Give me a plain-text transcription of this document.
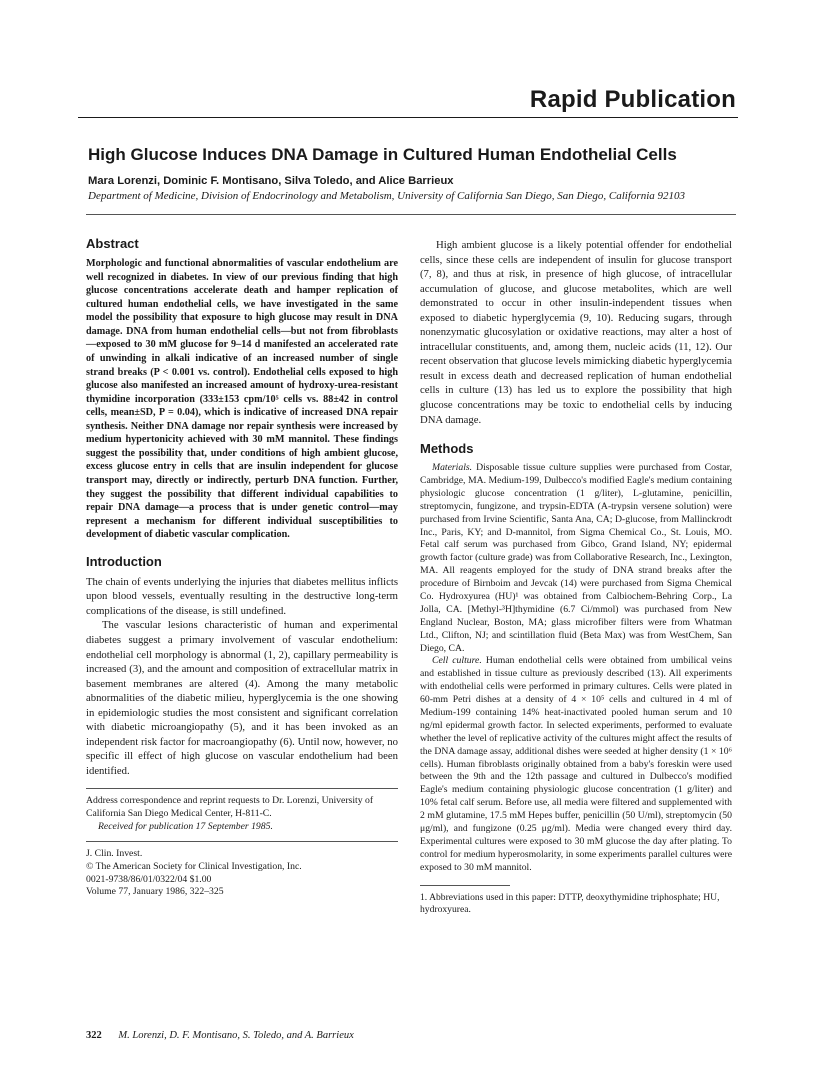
Rapid Publication
High Glucose Induces DNA Damage in Cultured Human Endothelial Cells
Mara Lorenzi, Dominic F. Montisano, Silva Toledo, and Alice Barrieux
Department of Medicine, Division of Endocrinology and Metabolism, University of California San Diego, San Diego, California 92103
Abstract

Morphologic and functional abnormalities of vascular endothelium are well recognized in diabetes. In view of our previous finding that high glucose concentrations accelerate death and hamper replication of cultured human endothelial cells, we have investigated in the same model the possibility that exposure to high glucose may result in DNA damage. DNA from human endothelial cells—but not from fibroblasts—exposed to 30 mM glucose for 9–14 d manifested an accelerated rate of unwinding in alkali indicative of an increased number of single strand breaks (P < 0.001 vs. control). Endothelial cells exposed to high glucose also manifested an increased amount of hydroxy-urea-resistant thymidine incorporation (333±153 cpm/10⁵ cells vs. 88±42 in control cells, mean±SD, P = 0.04), which is indicative of increased DNA repair synthesis. Neither DNA damage nor repair synthesis were increased by medium hypertonicity achieved with 30 mM mannitol. These findings suggest the possibility that, under conditions of high ambient glucose, excess glucose entry in cells that are insulin independent for glucose transport may, directly or indirectly, perturb DNA function. Further, they suggest the possibility that different individual capabilities to repair DNA damage—a process that is under genetic control—may represent a mechanism for different individual susceptibilities to development of diabetic vascular complication.

Introduction

The chain of events underlying the injuries that diabetes mellitus inflicts upon blood vessels, eventually resulting in the destructive long-term complications of the disease, is still undefined.

The vascular lesions characteristic of human and experimental diabetes suggest a primary involvement of vascular endothelium: endothelial cell morphology is abnormal (1, 2), capillary permeability is increased (3), and the amount and composition of extracellular matrix in basement membranes are altered (4). Among the many metabolic abnormalities of the diabetic milieu, hyperglycemia is the one showing in epidemiologic studies the most consistent and significant correlation with diabetic microangiopathy (5), and it has been invoked as an independent risk factor for macroangiopathy (6). Until now, however, no specific ill effect of high glucose on vascular endothelium had been identified.

Address correspondence and reprint requests to Dr. Lorenzi, University of California San Diego Medical Center, H-811-C.

Received for publication 17 September 1985.

J. Clin. Invest.

© The American Society for Clinical Investigation, Inc.

0021-9738/86/01/0322/04 $1.00

Volume 77, January 1986, 322–325

High ambient glucose is a likely potential offender for endothelial cells, since these cells are independent of insulin for glucose transport (7, 8), and thus at risk, in presence of high glucose, of intracellular accumulation of glucose, and glucose metabolites, which are well demonstrated to occur in other insulin-independent tissues when exposed to diabetic hyperglycemia (9, 10). Reducing sugars, through nonenzymatic glucosylation or oxidative reactions, may alter a host of intracellular constituents, and, among them, nucleic acids (11, 12). Our recent observation that glucose levels mimicking diabetic hyperglycemia result in excess death and decreased replication of human endothelial cells in culture (13) has led us to explore the possibility that high glucose concentrations may be toxic to endothelial cells by inducing DNA damage.

Methods

Materials. Disposable tissue culture supplies were purchased from Costar, Cambridge, MA. Medium-199, Dulbecco's modified Eagle's medium containing physiologic glucose concentration (1 g/liter), L-glutamine, penicillin, streptomycin, fungizone, and trypsin-EDTA (A-trypsin versene solution) were purchased from Irvine Scientific, Santa Ana, CA; D-glucose, from Mallinckrodt Inc., Paris, KY; and D-mannitol, from Sigma Chemical Co., St. Louis, MO. Fetal calf serum was purchased from Gibco, Grand Island, NY; epidermal growth factor (culture grade) was from Collaborative Research, Inc., Lexington, MA. All reagents employed for the study of DNA strand breaks after the procedure of Birnboim and Jevcak (14) were purchased from Sigma Chemical Co. Hydroxyurea (HU)¹ was obtained from Calbiochem-Behring Corp., La Jolla, CA. [Methyl-³H]thymidine (6.7 Ci/mmol) was purchased from New England Nuclear, Boston, MA; glass microfiber filters were from Whatman Ltd., Clifton, NJ; and scintillation fluid (Beta Max) was from WestChem, San Diego, CA.

Cell culture. Human endothelial cells were obtained from umbilical veins and established in tissue culture as previously described (13). All experiments with endothelial cells were performed in primary cultures. Cells were plated in 60-mm Petri dishes at a density of 4 × 10⁵ cells and cultured in 4 ml of Medium-199 containing 14% heat-inactivated pooled human serum and 10 ng/ml epidermal growth factor. In selected experiments, performed to evaluate whether the level of replicative activity of the cultures might affect the results of the DNA damage assay, additional dishes were seeded at higher density (1 × 10⁶ cells). Human fibroblasts originally obtained from a baby's foreskin were used between the 9th and the 12th passage and cultured in Dulbecco's modified Eagle's medium containing physiologic glucose concentration (1 g/liter) and 10% fetal calf serum. Before use, all media were filtered and supplemented with 2 mM glutamine, 17.5 mM Hepes buffer, penicillin (50 U/ml), streptomycin (50 μg/ml), and fungizone (0.25 μg/ml). Media were changed every third day. Experimental cultures were exposed to 30 mM glucose the day after plating. To control for medium hyperosmolarity, in some experiments parallel cultures were exposed to 30 mM mannitol.

1. Abbreviations used in this paper: DTTP, deoxythymidine triphosphate; HU, hydroxyurea.

322 M. Lorenzi, D. F. Montisano, S. Toledo, and A. Barrieux
